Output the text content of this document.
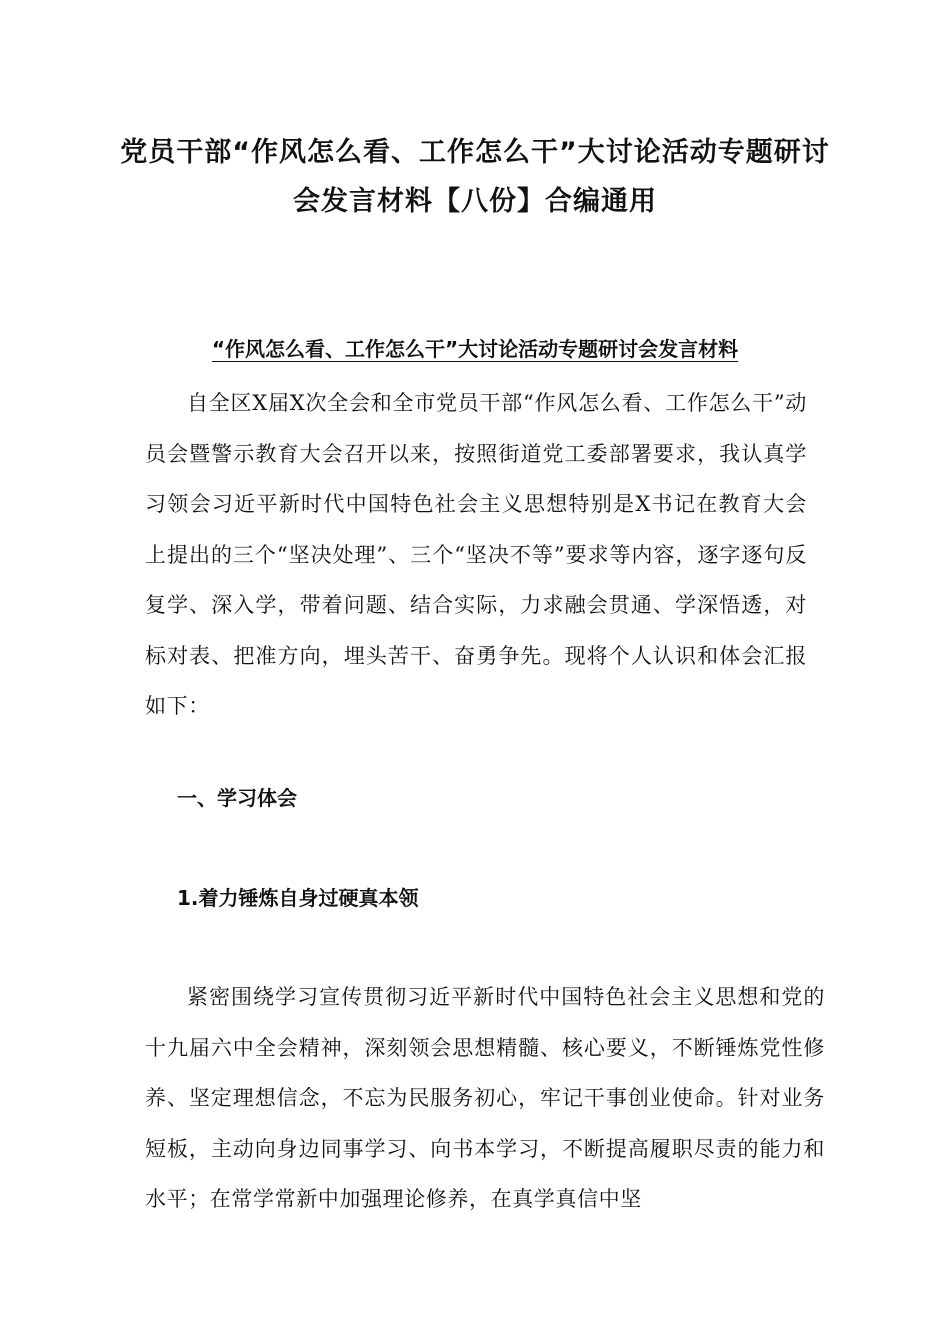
党员干部“作风怎么看、工作怎么干”大讨论活动专题研讨会发言材料【八份】合编通用
“作风怎么看、工作怎么干”大讨论活动专题研讨会发言材料

自全区X届X次全会和全市党员干部“作风怎么看、工作怎么干”动员会暨警示教育大会召开以来，按照街道党工委部署要求，我认真学习领会习近平新时代中国特色社会主义思想特别是X书记在教育大会上提出的三个“坚决处理”、三个“坚决不等”要求等内容，逐字逐句反复学、深入学，带着问题、结合实际，力求融会贯通、学深悟透，对标对表、把准方向，埋头苦干、奋勇争先。现将个人认识和体会汇报如下：

一、学习体会
1.着力锤炼自身过硬真本领

紧密围绕学习宣传贯彻习近平新时代中国特色社会主义思想和党的十九届六中全会精神，深刻领会思想精髓、核心要义，不断锤炼党性修养、坚定理想信念，不忘为民服务初心，牢记干事创业使命。针对业务短板，主动向身边同事学习、向书本学习，不断提高履职尽责的能力和水平；在常学常新中加强理论修养，在真学真信中坚
